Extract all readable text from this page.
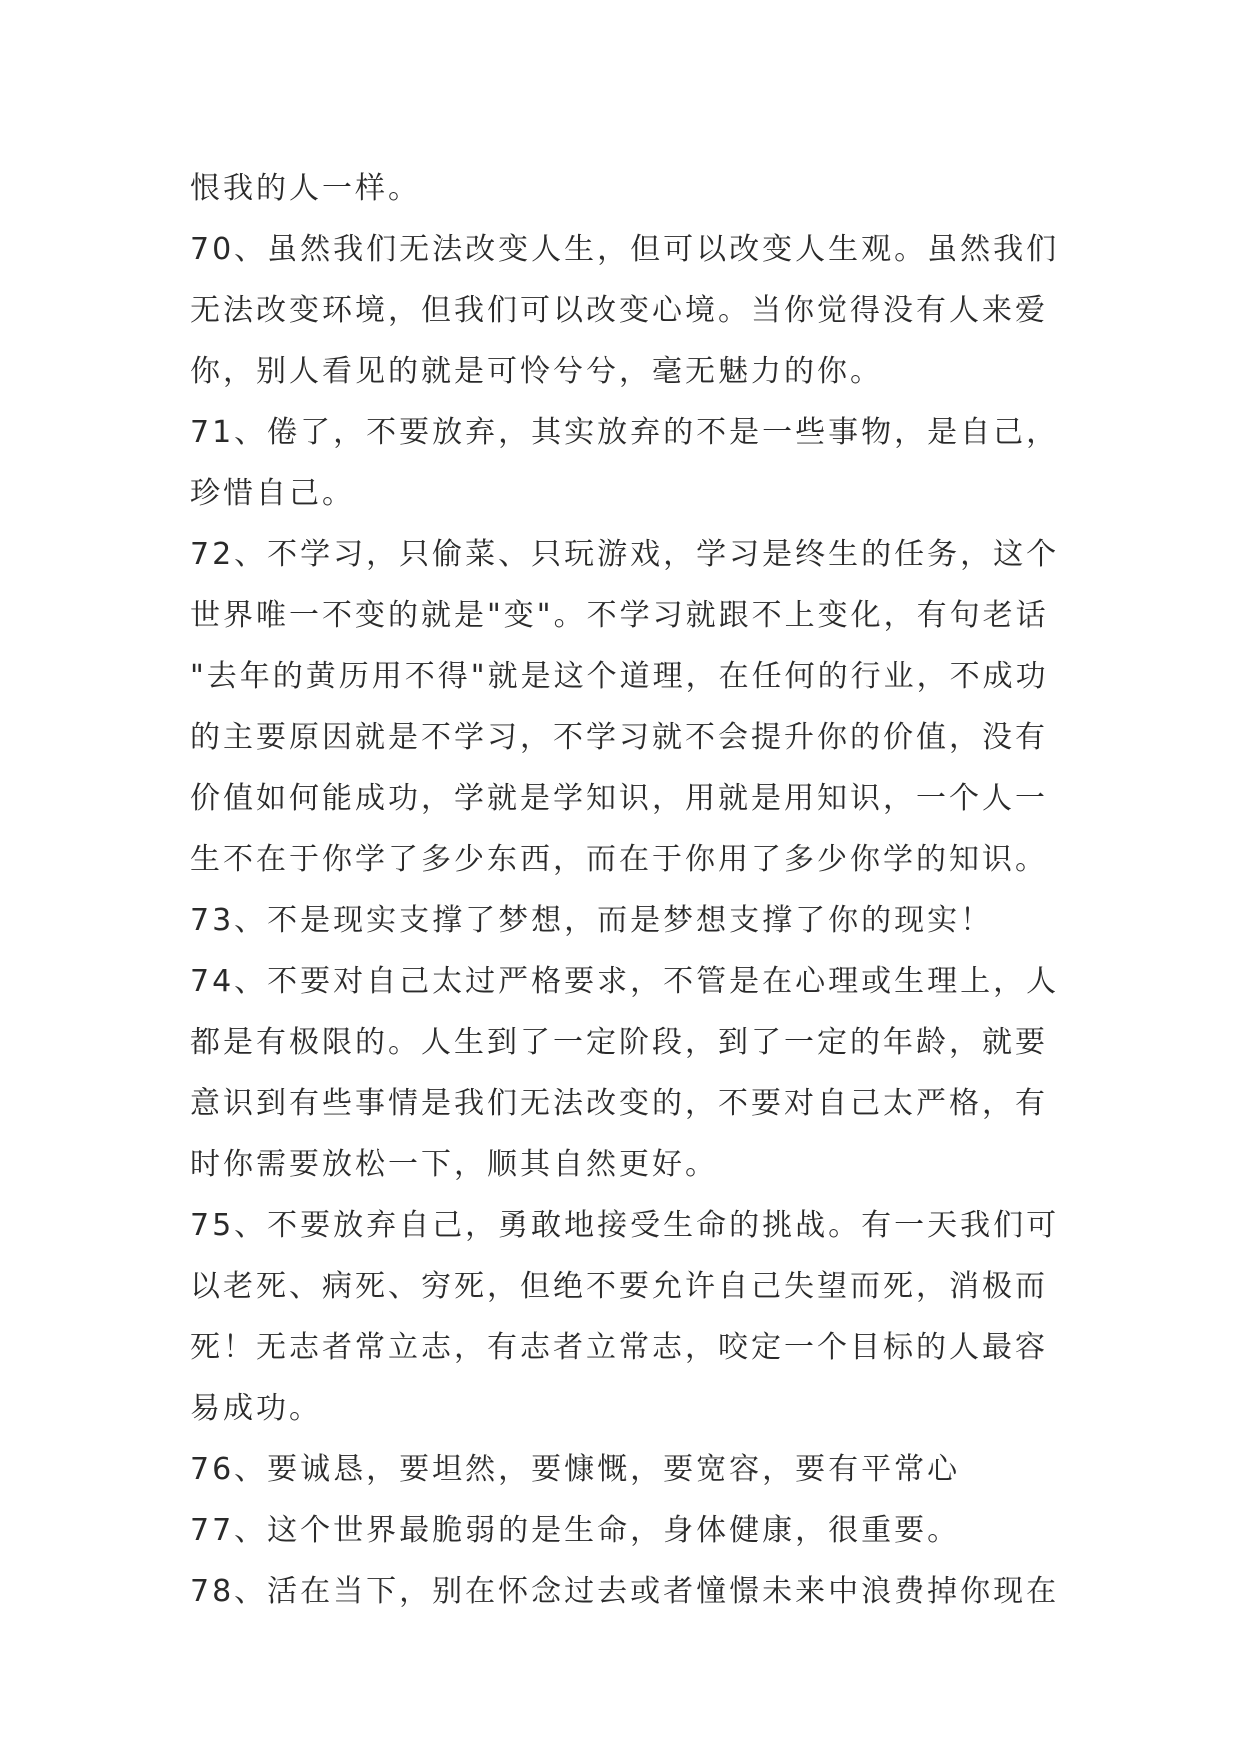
恨我的人一样。
70、虽然我们无法改变人生，但可以改变人生观。虽然我们
无法改变环境，但我们可以改变心境。当你觉得没有人来爱
你，别人看见的就是可怜兮兮，毫无魅力的你。
71、倦了，不要放弃，其实放弃的不是一些事物，是自己，
珍惜自己。
72、不学习，只偷菜、只玩游戏，学习是终生的任务，这个
世界唯一不变的就是"变"。不学习就跟不上变化，有句老话
"去年的黄历用不得"就是这个道理，在任何的行业，不成功
的主要原因就是不学习，不学习就不会提升你的价值，没有
价值如何能成功，学就是学知识，用就是用知识，一个人一
生不在于你学了多少东西，而在于你用了多少你学的知识。
73、不是现实支撑了梦想，而是梦想支撑了你的现实！
74、不要对自己太过严格要求，不管是在心理或生理上，人
都是有极限的。人生到了一定阶段，到了一定的年龄，就要
意识到有些事情是我们无法改变的，不要对自己太严格，有
时你需要放松一下，顺其自然更好。
75、不要放弃自己，勇敢地接受生命的挑战。有一天我们可
以老死、病死、穷死，但绝不要允许自己失望而死，消极而
死！无志者常立志，有志者立常志，咬定一个目标的人最容
易成功。
76、要诚恳，要坦然，要慷慨，要宽容，要有平常心
77、这个世界最脆弱的是生命，身体健康，很重要。
78、活在当下，别在怀念过去或者憧憬未来中浪费掉你现在
